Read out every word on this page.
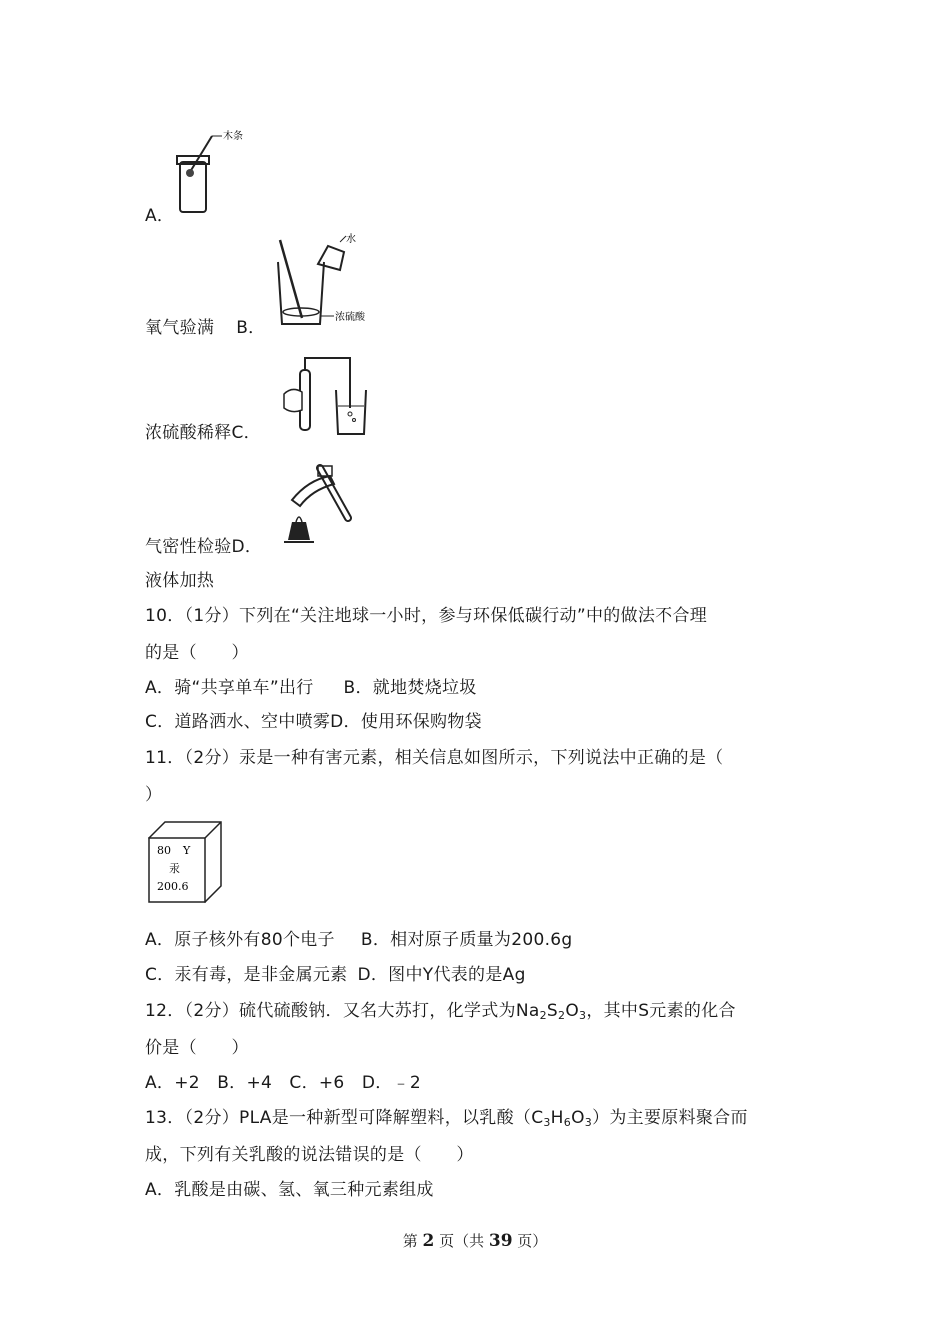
木条
水
浓硫酸
A．
氧气验满 B．
浓硫酸稀释C．
气密性检验D．
液体加热
10．（1分）下列在“关注地球一小时，参与环保低碳行动”中的做法不合理
的是（　　）
A．骑“共享单车”出行 B．就地焚烧垃圾
C．道路洒水、空中喷雾D．使用环保购物袋
11．（2分）汞是一种有害元素，相关信息如图所示，下列说法中正确的是（
）
80 Y
汞
200.6
A．原子核外有80个电子 B．相对原子质量为200.6g
C．汞有毒，是非金属元素 D．图中Y代表的是Ag
12．（2分）硫代硫酸钠．又名大苏打，化学式为$Na_2S_2O_3$，其中S元素的化合
价是（　　）
A．+2　B．+4　C．+6　D．﹣2
13．（2分）PLA是一种新型可降解塑料，以乳酸$(C_3H_6O_3)$为主要原料聚合而
成，下列有关乳酸的说法错误的是（　　）
A．乳酸是由碳、氢、氧三种元素组成
第 2 页（共 39 页）
